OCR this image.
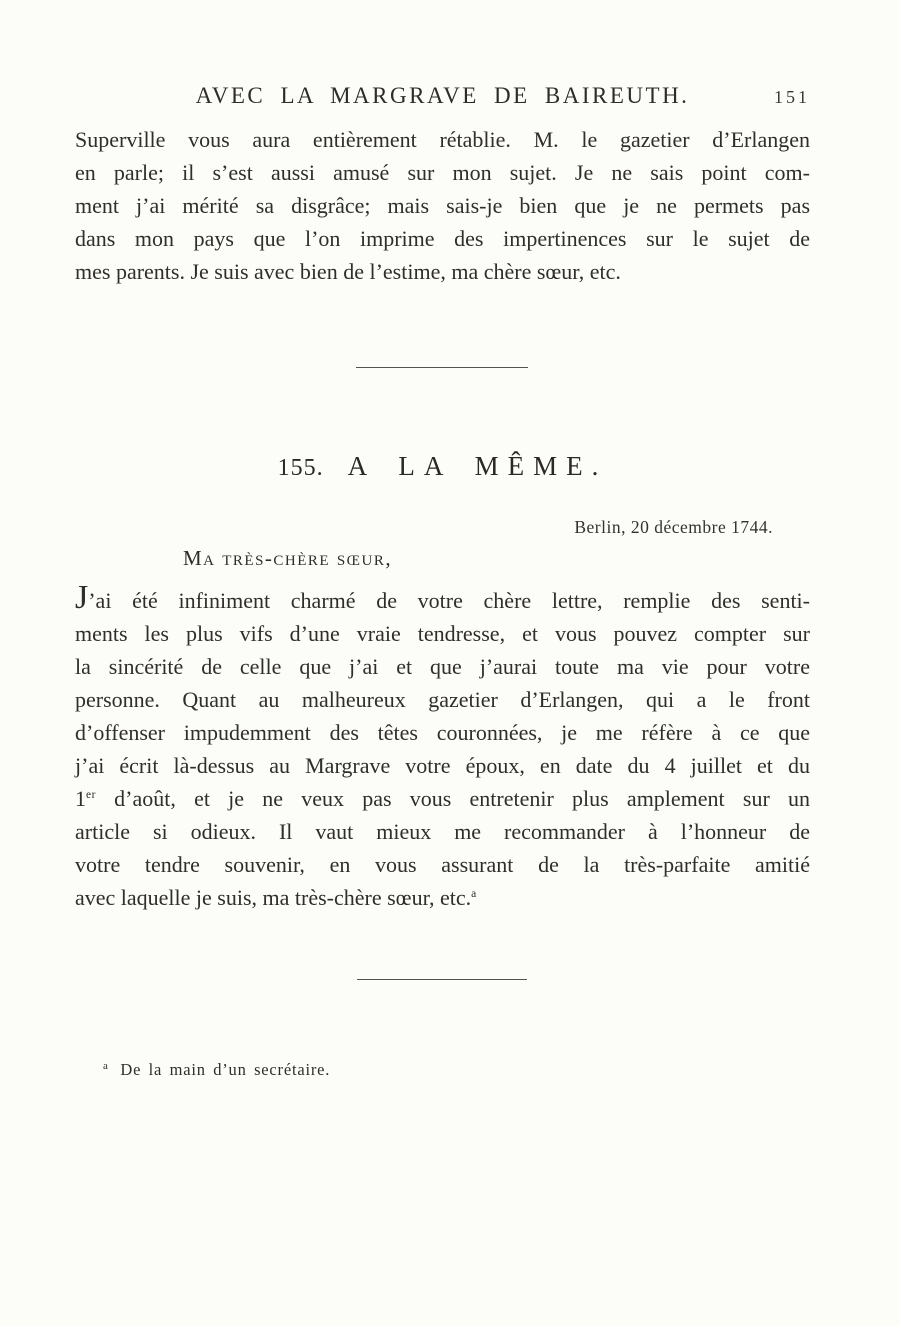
AVEC LA MARGRAVE DE BAIREUTH.	151
Superville vous aura entièrement rétablie. M. le gazetier d’Erlangen
en parle; il s’est aussi amusé sur mon sujet. Je ne sais point com-
ment j’ai mérité sa disgrâce; mais sais-je bien que je ne permets pas
dans mon pays que l’on imprime des impertinences sur le sujet de
mes parents. Je suis avec bien de l’estime, ma chère sœur, etc.
155. A LA MÊME.
Berlin, 20 décembre 1744.
Ma très-chère sœur,
J’ai été infiniment charmé de votre chère lettre, remplie des senti-
ments les plus vifs d’une vraie tendresse, et vous pouvez compter sur
la sincérité de celle que j’ai et que j’aurai toute ma vie pour votre
personne. Quant au malheureux gazetier d’Erlangen, qui a le front
d’offenser impudemment des têtes couronnées, je me réfère à ce que
j’ai écrit là-dessus au Margrave votre époux, en date du 4 juillet et du
1er d’août, et je ne veux pas vous entretenir plus amplement sur un
article si odieux. Il vaut mieux me recommander à l’honneur de
votre tendre souvenir, en vous assurant de la très-parfaite amitié
avec laquelle je suis, ma très-chère sœur, etc.$^a$
$^a$ De la main d’un secrétaire.
